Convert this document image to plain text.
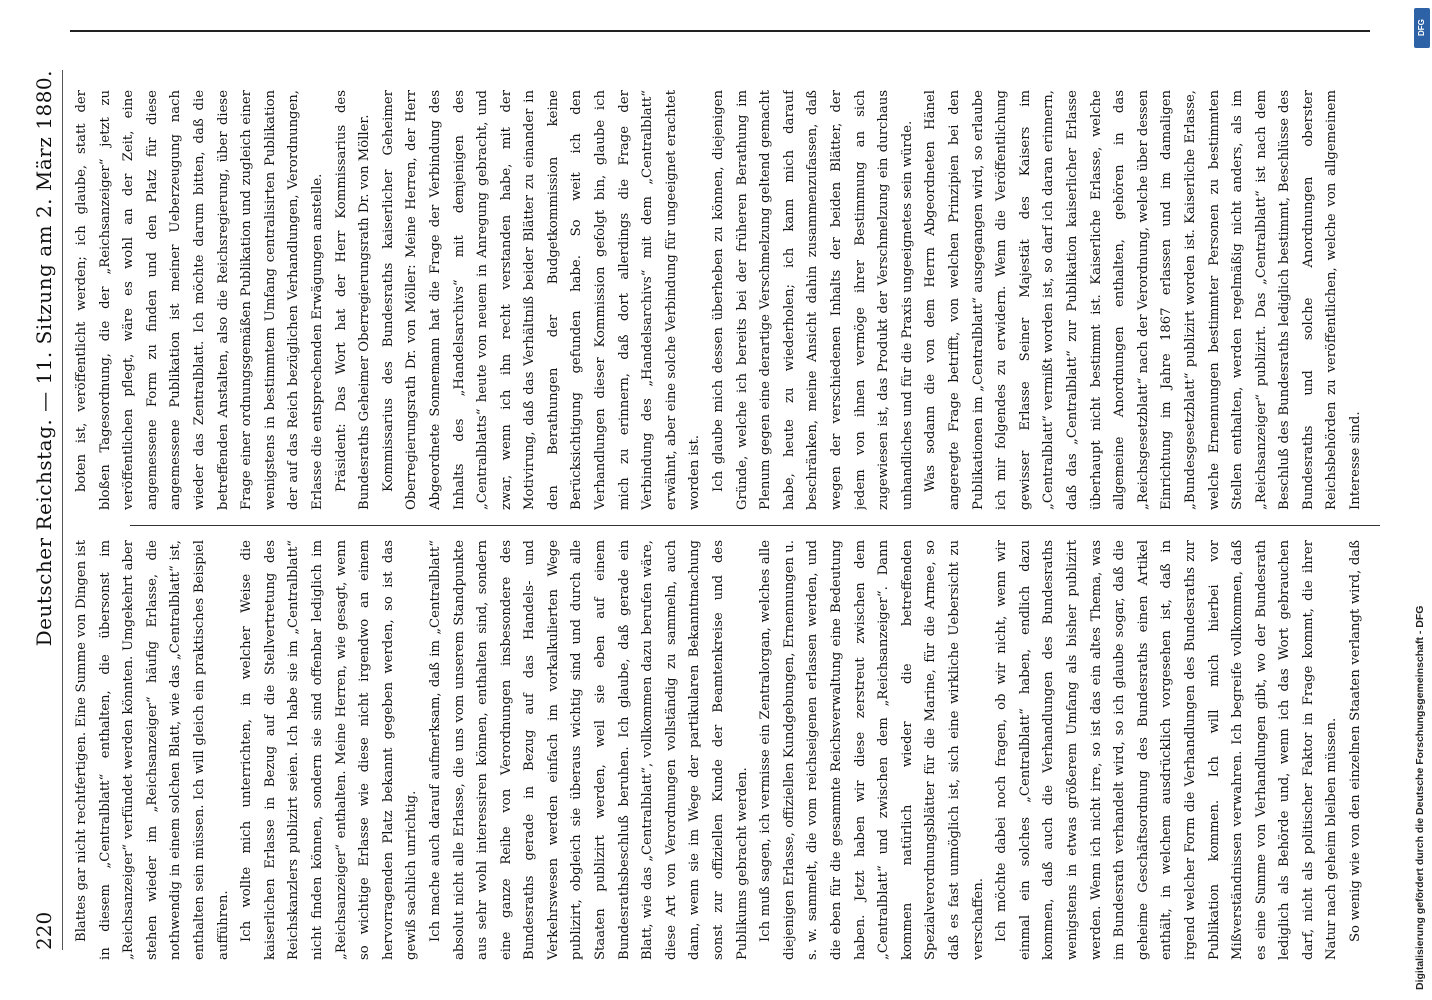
220
Deutscher Reichstag. — 11. Sitzung am 2. März 1880.

Blattes gar nicht rechtfertigen. Eine Summe von Dingen ist in diesem „Centralblatt“ enthalten, die übersonst im „Reichsanzeiger“ verfündet werden könnten. Umgekehrt aber stehen wieder im „Reichsanzeiger“ häufig Erlasse, die nothwendig in einem solchen Blatt, wie das „Centralblatt“ ist, enthalten sein müssen. Ich will gleich ein praktisches Beispiel aufführen. Ich wollte mich unterrichten, in welcher Weise die kaiserlichen Erlasse in Bezug auf die Stellvertretung des Reichskanzlers publizirt seien. Ich habe sie im „Centralblatt“ nicht finden können, sondern sie sind offenbar lediglich im „Reichsanzeiger“ enthalten. Meine Herren, wie gesagt, wenn so wichtige Erlasse wie diese nicht irgendwo an einem hervorragenden Platz bekannt gegeben werden, so ist das gewiß sachlich unrichtig. Ich mache auch darauf aufmerksam, daß im „Centralblatt“ absolut nicht alle Erlasse, die uns vom unserem Standpunkte aus sehr wohl interessiren können, enthalten sind, sondern eine ganze Reihe von Verordnungen insbesondere des Bundesraths gerade in Bezug auf das Handels- und Verkehrswesen werden einfach im vorkalkulierten Wege publizirt, obgleich sie überaus wichtig sind und durch alle Staaten publizirt werden, weil sie eben auf einem Bundesrathsbeschluß beruhen. Ich glaube, daß gerade ein Blatt, wie das „Centralblatt“, vollkommen dazu berufen wäre, diese Art von Verordnungen vollständig zu sammeln, auch dann, wenn sie im Wege der partikularen Bekanntmachung sonst zur offiziellen Kunde der Beamtenkreise und des Publikums gebracht werden. Ich muß sagen, ich vermisse ein Zentralorgan, welches alle diejenigen Erlasse, offiziellen Kundgebungen, Ernennungen u. s. w. sammelt, die vom reichseigenen erlassen werden, und die eben für die gesammte Reichsverwaltung eine Bedeutung haben. Jetzt haben wir diese zerstreut zwischen dem „Centralblatt“ und zwischen dem „Reichsanzeiger“. Dann kommen natürlich wieder die betreffenden Spezialverordnungsblätter für die Marine, für die Armee, so daß es fast unmöglich ist, sich eine wirkliche Uebersicht zu verschaffen. Ich möchte dabei noch fragen, ob wir nicht, wenn wir einmal ein solches „Centralblatt“ haben, endlich dazu kommen, daß auch die Verhandlungen des Bundesraths wenigstens in etwas größerem Umfang als bisher publizirt werden. Wenn ich nicht irre, so ist das ein altes Thema, was im Bundesrath verhandelt wird, so ich glaube sogar, daß die geheime Geschäftsordnung des Bundesraths einen Artikel enthält, in welchem ausdrücklich vorgesehen ist, daß in irgend welcher Form die Verhandlungen des Bundesraths zur Publikation kommen. Ich will mich hierbei vor Mißverständnissen verwahren. Ich begreife vollkommen, daß es eine Summe von Verhandlungen gibt, wo der Bundesrath lediglich als Behörde und, wenn ich das Wort gebrauchen darf, nicht als politischer Faktor in Frage kommt, die ihrer Natur nach geheim bleiben müssen. So wenig wie von den einzelnen Staaten verlangt wird, daß

boten ist, veröffentlicht werden; ich glaube, statt der bloßen Tagesordnung, die der „Reichsanzeiger“ jetzt zu veröffentlichen pflegt, wäre es wohl an der Zeit, eine angemessene Form zu finden und den Platz für diese angemessene Publikation ist meiner Ueberzeugung nach wieder das Zentralblatt. Ich möchte darum bitten, daß die betreffenden Anstalten, also die Reichsregierung, über diese Frage einer ordnungsgemäßen Publikation und zugleich einer wenigstens in bestimmtem Umfang centralisirten Publikation der auf das Reich bezüglichen Verhandlungen, Verordnungen, Erlasse die entsprechenden Erwägungen anstelle. Präsident: Das Wort hat der Herr Kommissarius des Bundesraths Geheimer Oberregierungsrath Dr. von Möller. Kommissarius des Bundesraths kaiserlicher Geheimer Oberregierungsrath Dr. von Möller: Meine Herren, der Herr Abgeordnete Sonnemann hat die Frage der Verbindung des Inhalts des „Handelsarchivs“ mit demjenigen des „Centralblatts“ heute von neuem in Anregung gebracht, und zwar, wenn ich ihn recht verstanden habe, mit der Motivirung, daß das Verhältniß beider Blätter zu einander in den Berathungen der Budgetkommission keine Berücksichtigung gefunden habe. So weit ich den Verhandlungen dieser Kommission gefolgt bin, glaube ich mich zu erinnern, daß dort allerdings die Frage der Verbindung des „Handelsarchivs“ mit dem „Centralblatt“ erwähnt, aber eine solche Verbindung für ungeeignet erachtet worden ist. Ich glaube mich dessen überheben zu können, diejenigen Gründe, welche ich bereits bei der früheren Berathung im Plenum gegen eine derartige Verschmelzung geltend gemacht habe, heute zu wiederholen; ich kann mich darauf beschränken, meine Ansicht dahin zusammenzufassen, daß wegen der verschiedenen Inhalts der beiden Blätter, der jedem von ihnen vermöge ihrer Bestimmung an sich zugewiesen ist, das Produkt der Verschmelzung ein durchaus unhandliches und für die Praxis ungeeignetes sein würde. Was sodann die von dem Herrn Abgeordneten Hänel angeregte Frage betrifft, von welchen Prinzipien bei den Publikationen im „Centralblatt“ ausgegangen wird, so erlaube ich mir folgendes zu erwidern. Wenn die Veröffentlichung gewisser Erlasse Seiner Majestät des Kaisers im „Centralblatt“ vermißt worden ist, so darf ich daran erinnern, daß das „Centralblatt“ zur Publikation kaiserlicher Erlasse überhaupt nicht bestimmt ist. Kaiserliche Erlasse, welche allgemeine Anordnungen enthalten, gehören in das „Reichsgesetzblatt“ nach der Verordnung, welche über dessen Einrichtung im Jahre 1867 erlassen und im damaligen „Bundesgesetzblatt“ publizirt worden ist. Kaiserliche Erlasse, welche Ernennungen bestimmter Personen zu bestimmten Stellen enthalten, werden regelmäßig nicht anders, als im „Reichsanzeiger“ publizirt. Das „Centralblatt“ ist nach dem Beschluß des Bundesraths lediglich bestimmt, Beschlüsse des Bundesraths und solche Anordnungen oberster Reichsbehörden zu veröffentlichen, welche von allgemeinem Interesse sind.

Digitalisierung gefördert durch die Deutsche Forschungsgemeinschaft - DFG
DFG
